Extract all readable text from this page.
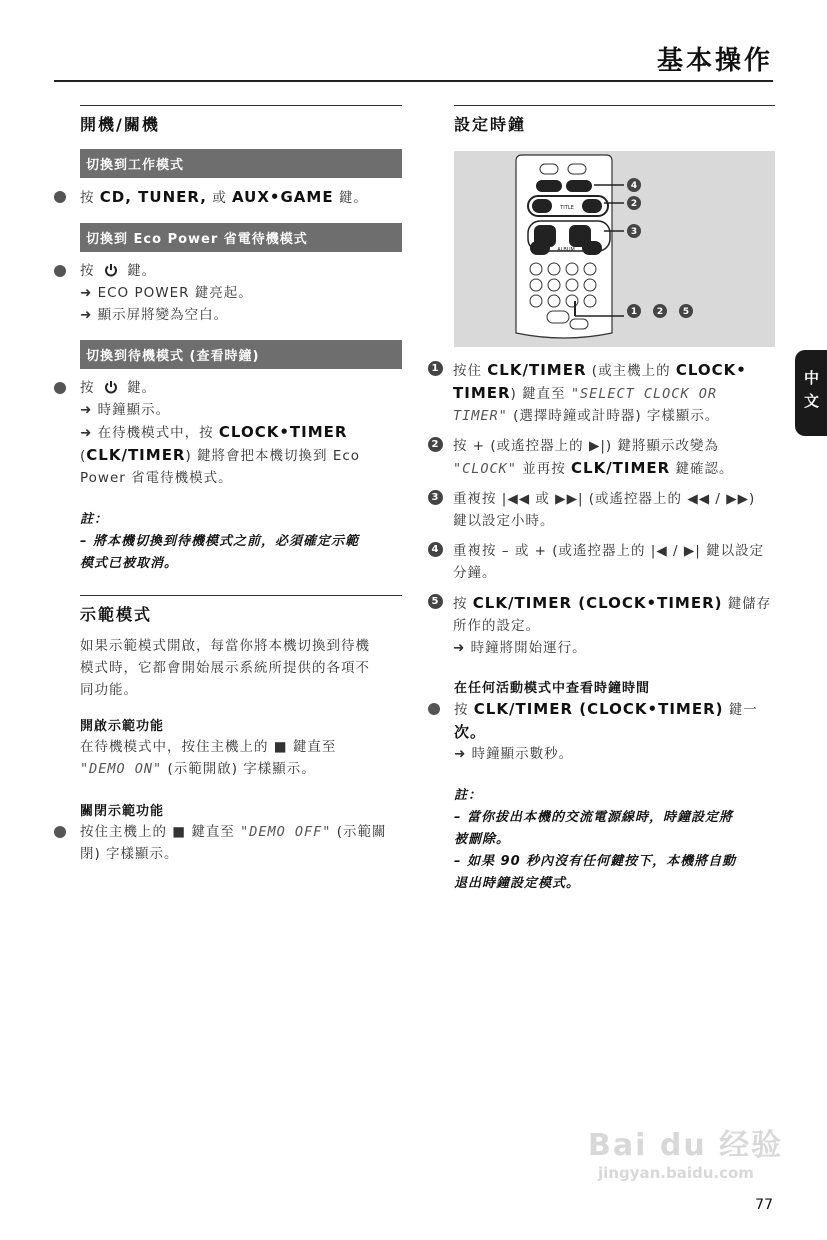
基本操作
開機/關機
切換到工作模式
按 CD, TUNER, 或 AUX•GAME 鍵。
切換到 Eco Power 省電待機模式
按 鍵。
➜ ECO POWER 鍵亮起。
➜ 顯示屏將變為空白。
切換到待機模式 (查看時鐘)
按 鍵。
➜ 時鐘顯示。
➜ 在待機模式中，按 CLOCK•TIMER
(CLK/TIMER) 鍵將會把本機切換到 Eco
Power 省電待機模式。
註：
– 將本機切換到待機模式之前，必須確定示範
模式已被取消。
示範模式
如果示範模式開啟，每當你將本機切換到待機
模式時，它都會開始展示系統所提供的各項不
同功能。
開啟示範功能
在待機模式中，按住主機上的 ■ 鍵直至
"DEMO ON" (示範開啟) 字樣顯示。
關閉示範功能
按住主機上的 ■ 鍵直至 "DEMO OFF" (示範關
閉) 字樣顯示。
設定時鐘
TITLE
ALBUM
4
2
3
1 2 5
1 按住 CLK/TIMER (或主機上的 CLOCK•
TIMER) 鍵直至 "SELECT CLOCK OR
TIMER" (選擇時鐘或計時器) 字樣顯示。
2 按 + (或遙控器上的 ▶|) 鍵將顯示改變為
"CLOCK" 並再按 CLK/TIMER 鍵確認。
3 重複按 |◀◀ 或 ▶▶| (或遙控器上的 ◀◀ / ▶▶)
鍵以設定小時。
4 重複按 – 或 + (或遙控器上的 |◀ / ▶| 鍵以設定
分鐘。
5 按 CLK/TIMER (CLOCK•TIMER) 鍵儲存
所作的設定。
➜ 時鐘將開始運行。
在任何活動模式中查看時鐘時間
按 CLK/TIMER (CLOCK•TIMER) 鍵一
次。
➜ 時鐘顯示數秒。
註：
– 當你拔出本機的交流電源線時，時鐘設定將
被刪除。
– 如果 90 秒內沒有任何鍵按下，本機將自動
退出時鐘設定模式。
中文
Bai du 经验
jingyan.baidu.com
77
